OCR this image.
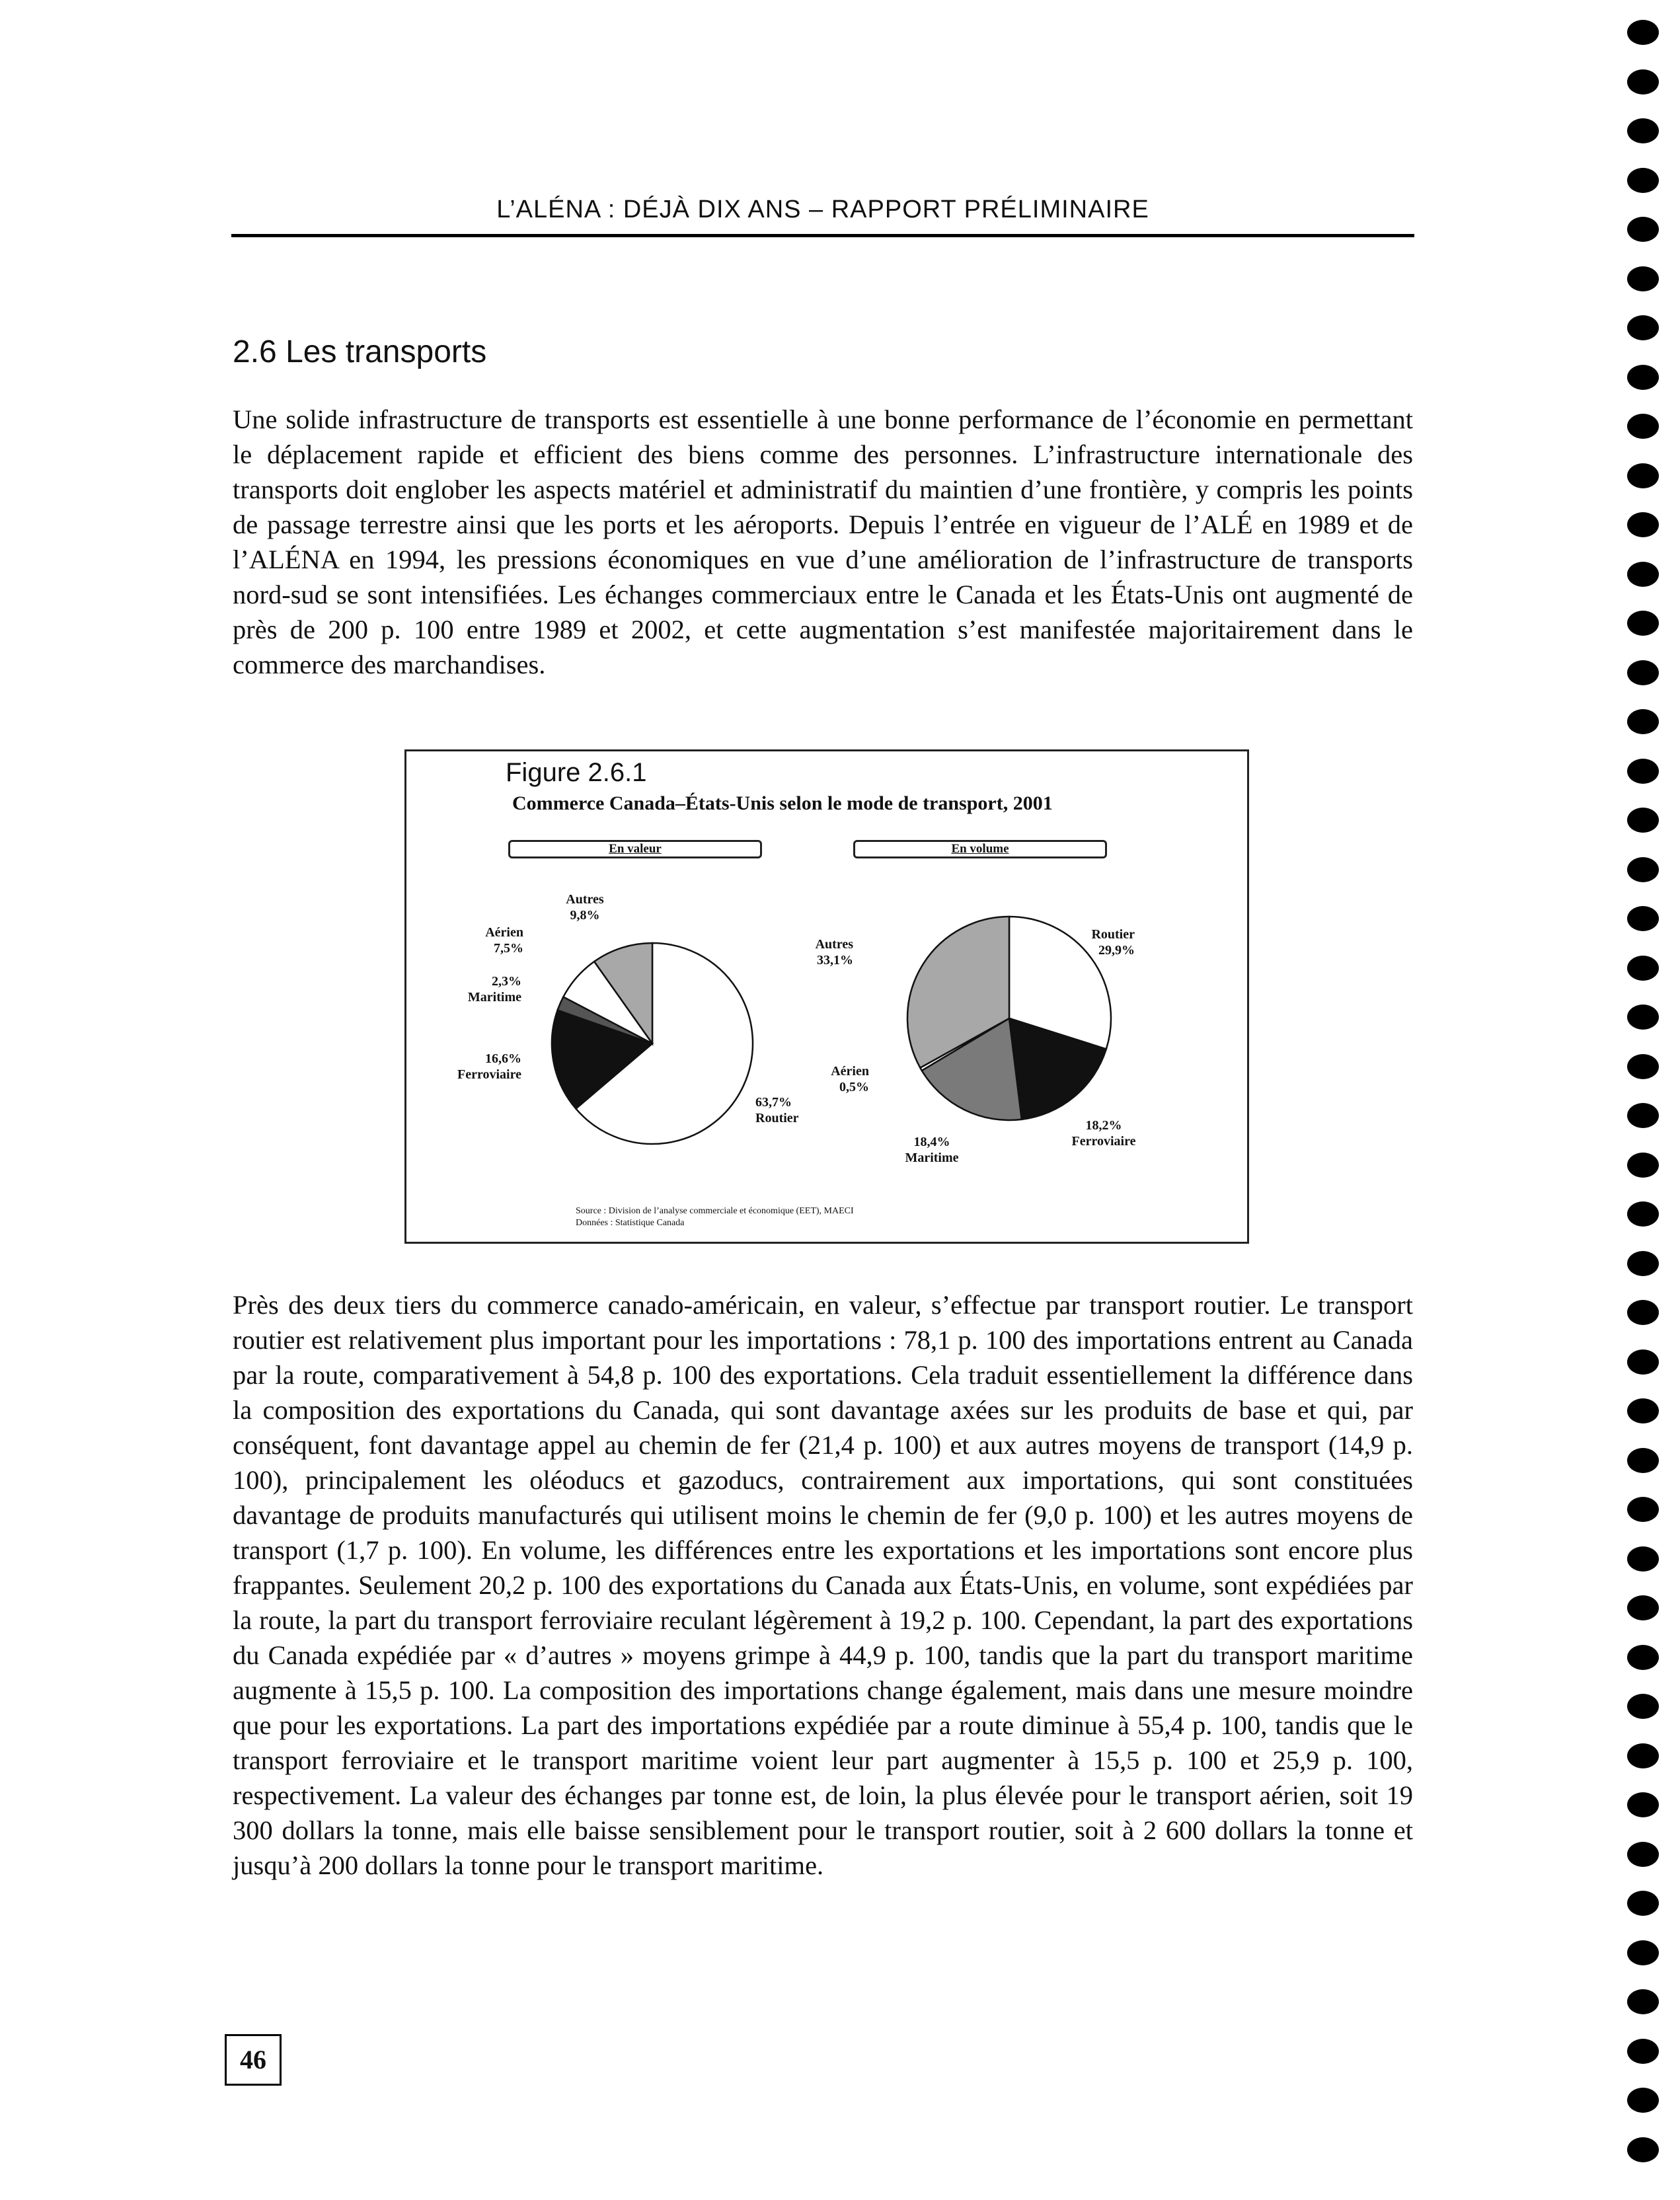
L’ALÉNA : DÉJÀ DIX ANS – RAPPORT PRÉLIMINAIRE
2.6 Les transports

Une solide infrastructure de transports est essentielle à une bonne performance de l’économie en permettant le déplacement rapide et efficient des biens comme des personnes. L’infrastructure internationale des transports doit englober les aspects matériel et administratif du maintien d’une frontière, y compris les points de passage terrestre ainsi que les ports et les aéroports. Depuis l’entrée en vigueur de l’ALÉ en 1989 et de l’ALÉNA en 1994, les pressions économiques en vue d’une amélioration de l’infrastructure de transports nord-sud se sont intensifiées. Les échanges commerciaux entre le Canada et les États-Unis ont augmenté de près de 200 p. 100 entre 1989 et 2002, et cette augmentation s’est manifestée majoritairement dans le commerce des marchandises.

Figure 2.6.1
Commerce Canada–États-Unis selon le mode de transport, 2001
En valeur	En volume
63,7% Routier
16,6% Ferroviaire
2,3% Maritime
Aérien 7,5%
Autres 9,8%
Routier 29,9%
18,2% Ferroviaire
18,4% Maritime
Aérien 0,5%
Autres 33,1%
Source : Division de l’analyse commerciale et économique (EET), MAECI
Données : Statistique Canada

Près des deux tiers du commerce canado-américain, en valeur, s’effectue par transport routier. Le transport routier est relativement plus important pour les importations : 78,1 p. 100 des importations entrent au Canada par la route, comparativement à 54,8 p. 100 des exportations. Cela traduit essentiellement la différence dans la composition des exportations du Canada, qui sont davantage axées sur les produits de base et qui, par conséquent, font davantage appel au chemin de fer (21,4 p. 100) et aux autres moyens de transport (14,9 p. 100), principalement les oléoducs et gazoducs, contrairement aux importations, qui sont constituées davantage de produits manufacturés qui utilisent moins le chemin de fer (9,0 p. 100) et les autres moyens de transport (1,7 p. 100). En volume, les différences entre les exportations et les importations sont encore plus frappantes. Seulement 20,2 p. 100 des exportations du Canada aux États-Unis, en volume, sont expédiées par la route, la part du transport ferroviaire reculant légèrement à 19,2 p. 100. Cependant, la part des exportations du Canada expédiée par « d’autres » moyens grimpe à 44,9 p. 100, tandis que la part du transport maritime augmente à 15,5 p. 100. La composition des importations change également, mais dans une mesure moindre que pour les exportations. La part des importations expédiée par a route diminue à 55,4 p. 100, tandis que le transport ferroviaire et le transport maritime voient leur part augmenter à 15,5 p. 100 et 25,9 p. 100, respectivement. La valeur des échanges par tonne est, de loin, la plus élevée pour le transport aérien, soit 19 300 dollars la tonne, mais elle baisse sensiblement pour le transport routier, soit à 2 600 dollars la tonne et jusqu’à 200 dollars la tonne pour le transport maritime.

46
